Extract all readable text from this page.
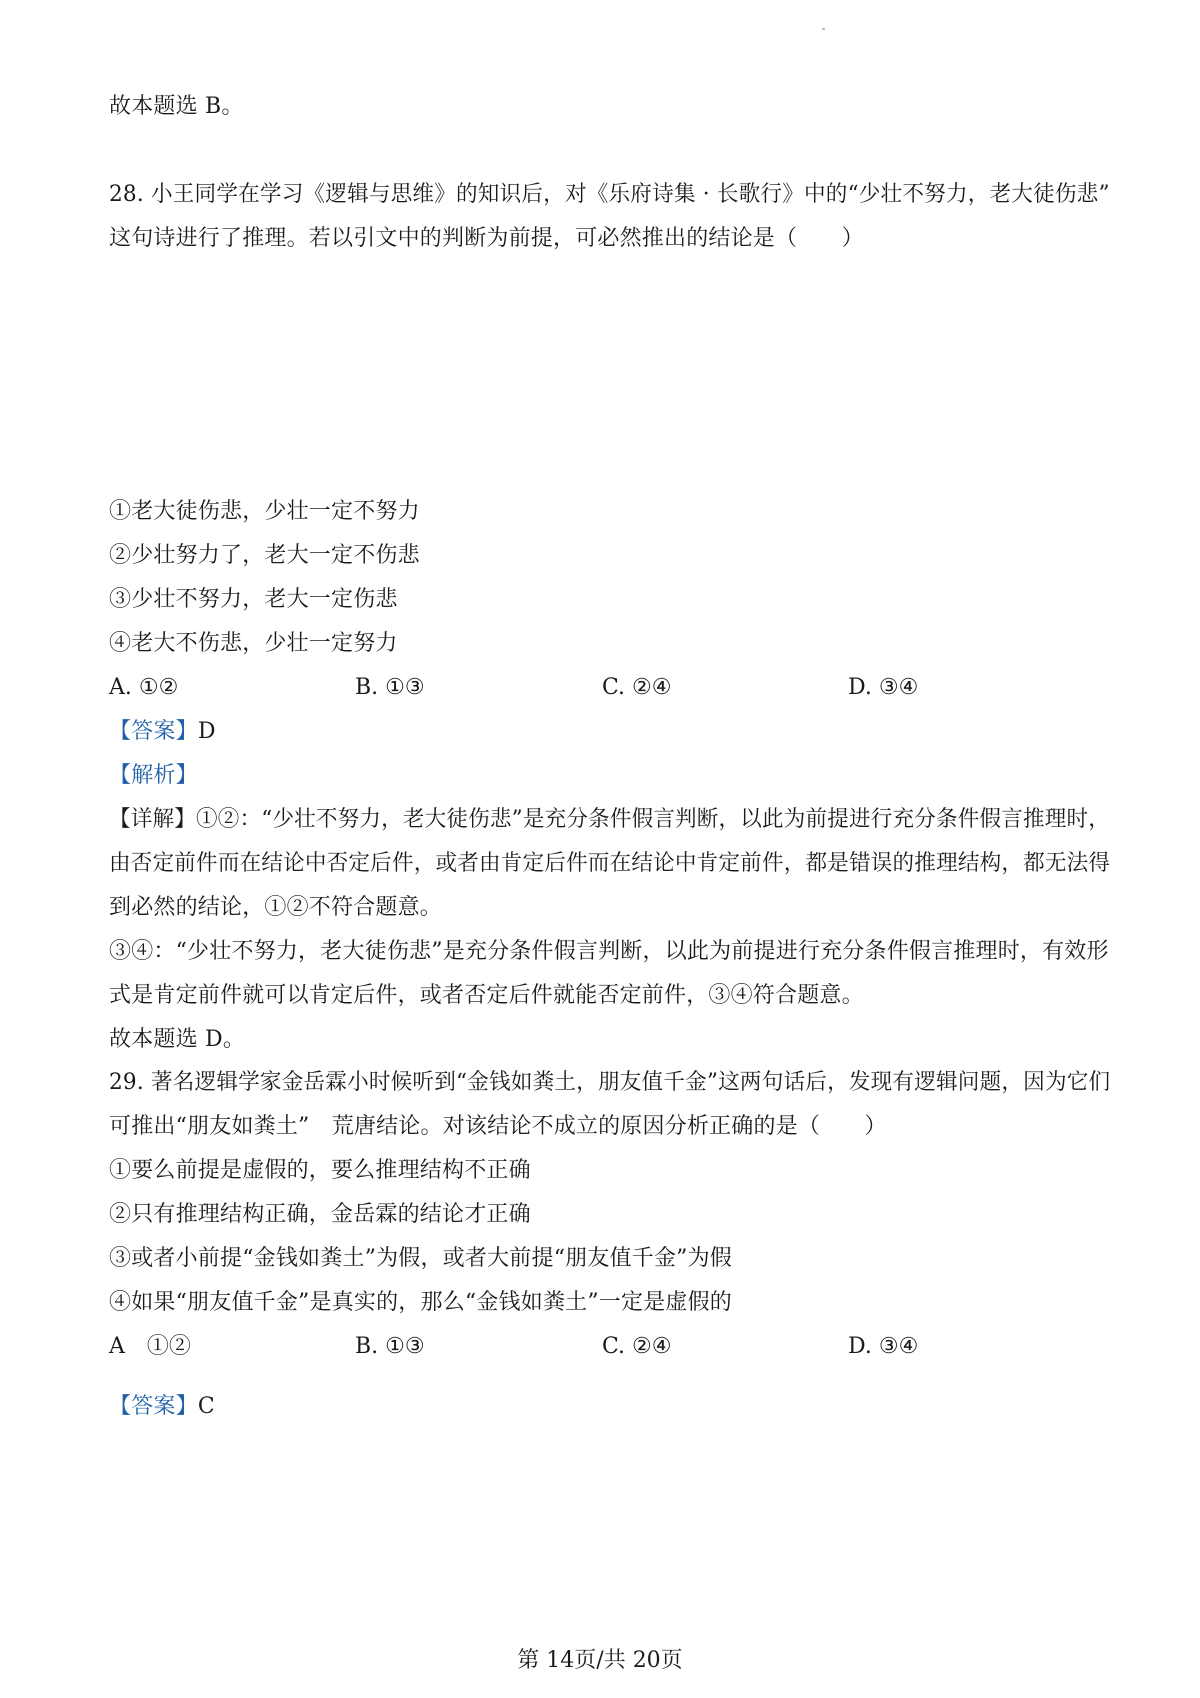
故本题选 B。
28. 小王同学在学习《逻辑与思维》的知识后，对《乐府诗集 · 长歌行》中的“少壮不努力，老大徒伤悲”
这句诗进行了推理。若以引文中的判断为前提，可必然推出的结论是（　　）
①老大徒伤悲，少壮一定不努力
②少壮努力了，老大一定不伤悲
③少壮不努力，老大一定伤悲
④老大不伤悲，少壮一定努力
A. ①②	B. ①③	C. ②④	D. ③④
【答案】D
【解析】
【详解】①②：“少壮不努力，老大徒伤悲”是充分条件假言判断，以此为前提进行充分条件假言推理时，
由否定前件而在结论中否定后件，或者由肯定后件而在结论中肯定前件，都是错误的推理结构，都无法得
到必然的结论，①②不符合题意。
③④：“少壮不努力，老大徒伤悲”是充分条件假言判断，以此为前提进行充分条件假言推理时，有效形
式是肯定前件就可以肯定后件，或者否定后件就能否定前件，③④符合题意。
故本题选 D。
29. 著名逻辑学家金岳霖小时候听到“金钱如粪土，朋友值千金”这两句话后，发现有逻辑问题，因为它们
可推出“朋友如粪土”　荒唐结论。对该结论不成立的原因分析正确的是（　　）
①要么前提是虚假的，要么推理结构不正确
②只有推理结构正确，金岳霖的结论才正确
③或者小前提“金钱如粪土”为假，或者大前提“朋友值千金”为假
④如果“朋友值千金”是真实的，那么“金钱如粪土”一定是虚假的
A　①②	B. ①③	C. ②④	D. ③④
【答案】C
第 14页/共 20页
